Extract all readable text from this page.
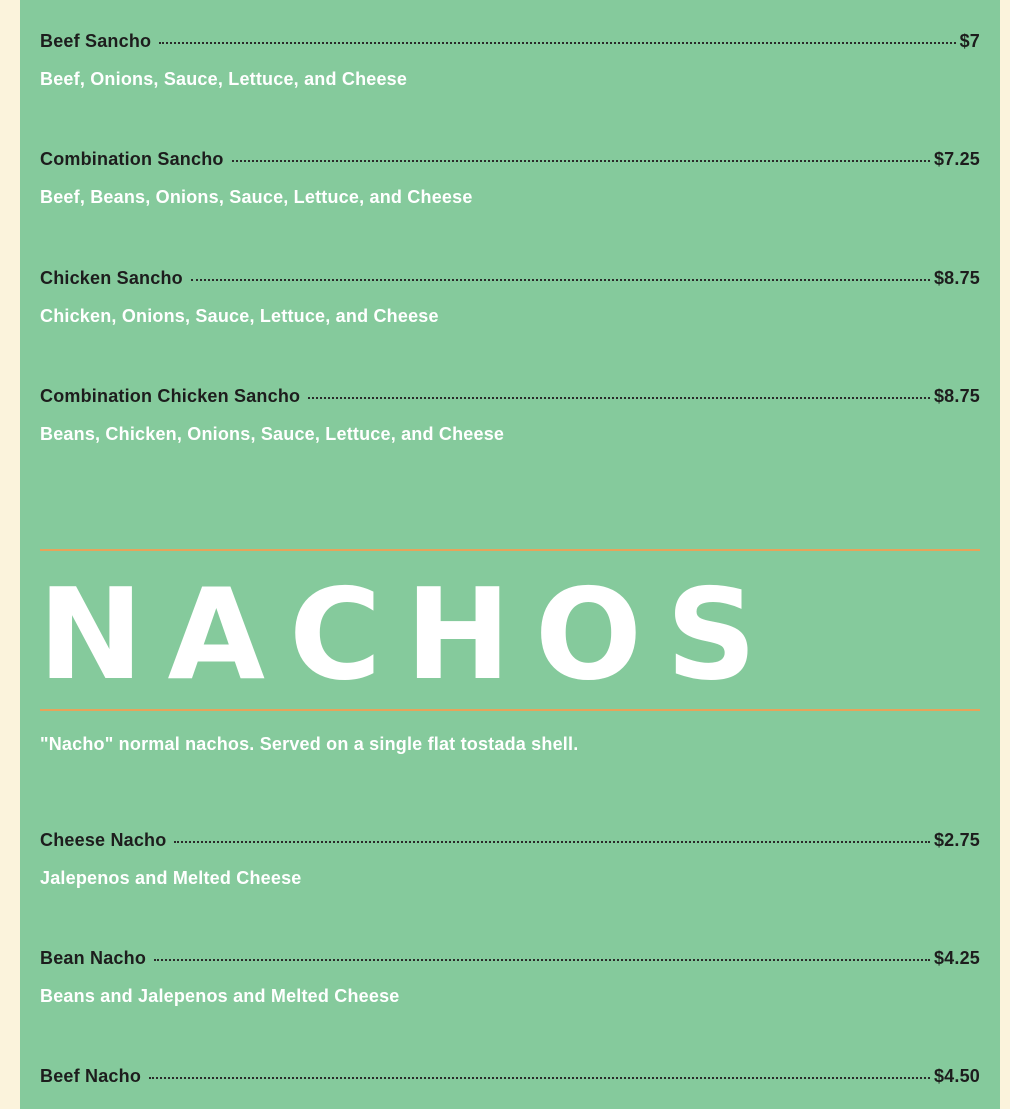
Beef Sancho	$7
Beef, Onions, Sauce, Lettuce, and Cheese
Combination Sancho	$7.25
Beef, Beans, Onions, Sauce, Lettuce, and Cheese
Chicken Sancho	$8.75
Chicken, Onions, Sauce, Lettuce, and Cheese
Combination Chicken Sancho	$8.75
Beans, Chicken, Onions, Sauce, Lettuce, and Cheese
NACHOS
"Nacho" normal nachos. Served on a single flat tostada shell.
Cheese Nacho	$2.75
Jalepenos and Melted Cheese
Bean Nacho	$4.25
Beans and Jalepenos and Melted Cheese
Beef Nacho	$4.50
